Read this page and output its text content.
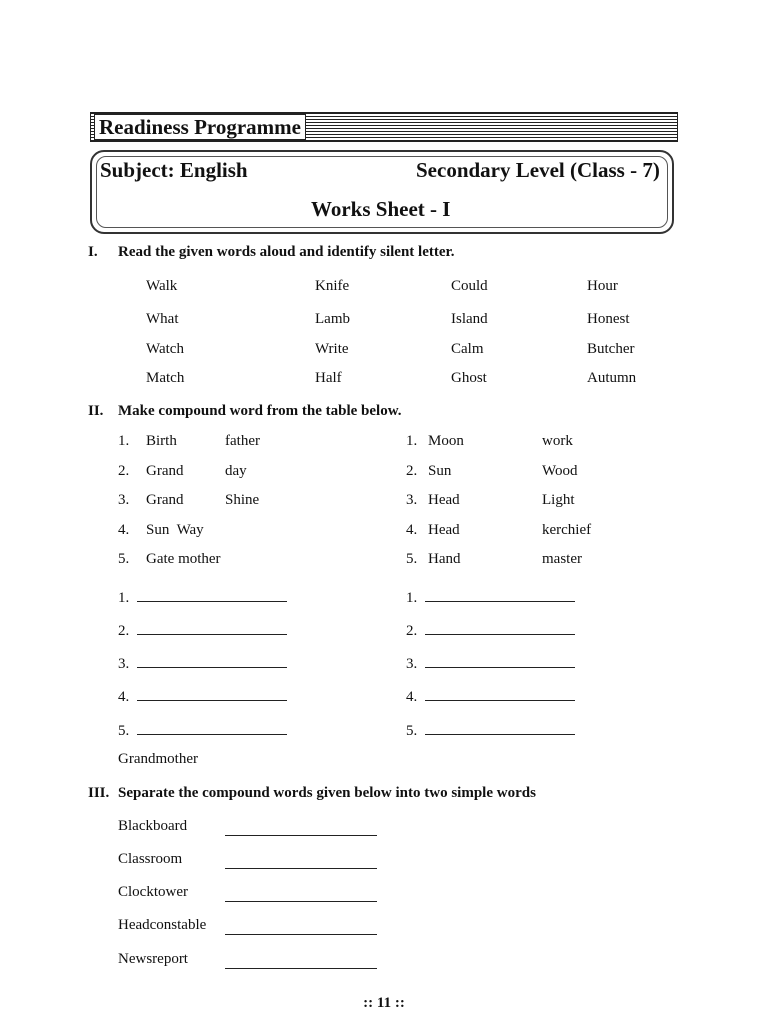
Readiness Programme
Subject: English	Secondary Level (Class - 7)
Works Sheet - I
I. Read the given words aloud and identify silent letter.
Walk	Knife	Could	Hour
What	Lamb	Island	Honest
Watch	Write	Calm	Butcher
Match	Half	Ghost	Autumn
II. Make compound word from the table below.
1. Birth	father
2. Grand	day
3. Grand	Shine
4. Sun  Way
5. Gate mother
1. Moon	work
2. Sun	Wood
3. Head	Light
4. Head	kerchief
5. Hand	master
1.
2.
3.
4.
5.
1.
2.
3.
4.
5.
Grandmother
III. Separate the compound words given below into two simple words
Blackboard
Classroom
Clocktower
Headconstable
Newsreport
:: 11 ::
